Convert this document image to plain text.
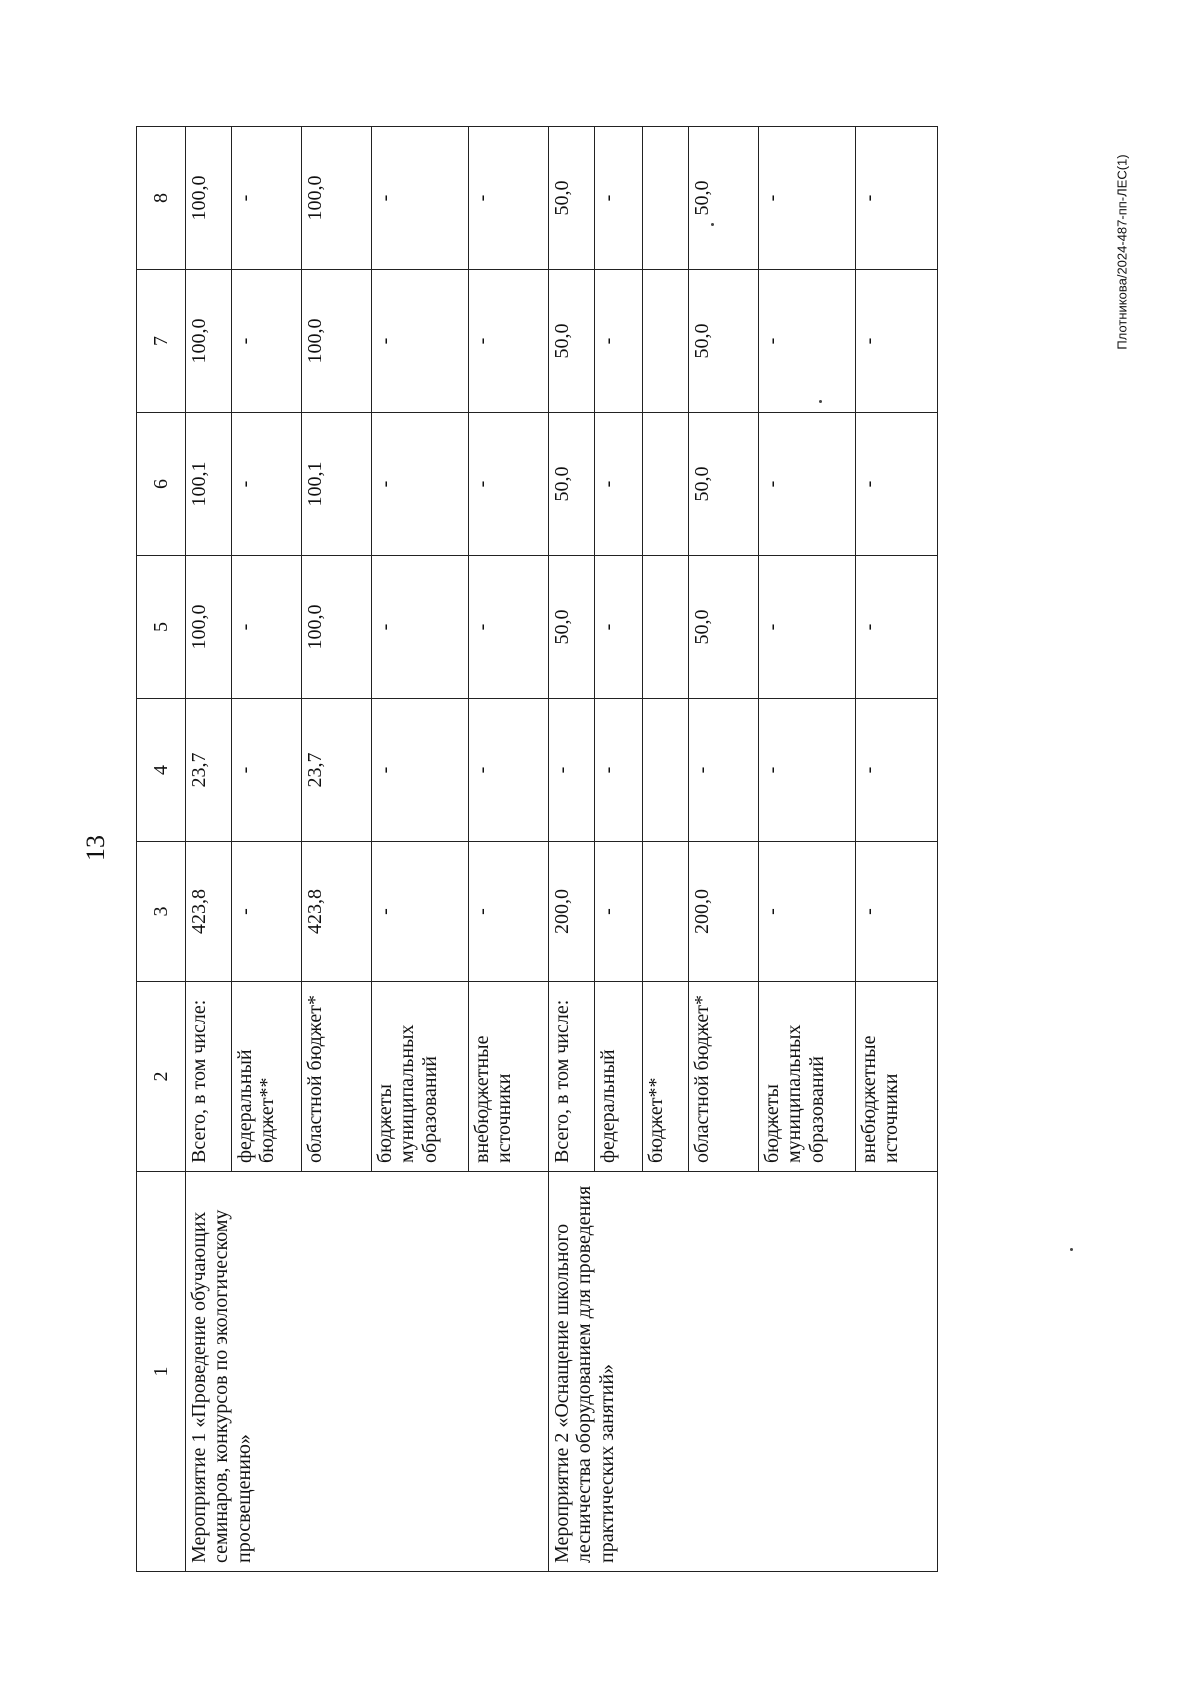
13
Плотникова/2024-487-пп-ЛЕС(1)
1	2	3	4	5	6	7	8
Мероприятие 1 «Проведение обучающих семинаров, конкурсов по экологическому просвещению»	Всего, в том числе:	423,8	23,7	100,0	100,1	100,0	100,0
	федеральный бюджет**	-	-	-	-	-	-
	областной бюджет*	423,8	23,7	100,0	100,1	100,0	100,0
	бюджеты муниципальных образований	-	-	-	-	-	-
	внебюджетные источники	-	-	-	-	-	-
Мероприятие 2 «Оснащение школьного лесничества оборудованием для проведения практических занятий»	Всего, в том числе:	200,0	-	50,0	50,0	50,0	50,0
	федеральный	-	-	-	-	-	-
	бюджет**						
	областной бюджет*	200,0	-	50,0	50,0	50,0	50,0
	бюджеты муниципальных образований	-	-	-	-	-	-
	внебюджетные источники	-	-	-	-	-	-
